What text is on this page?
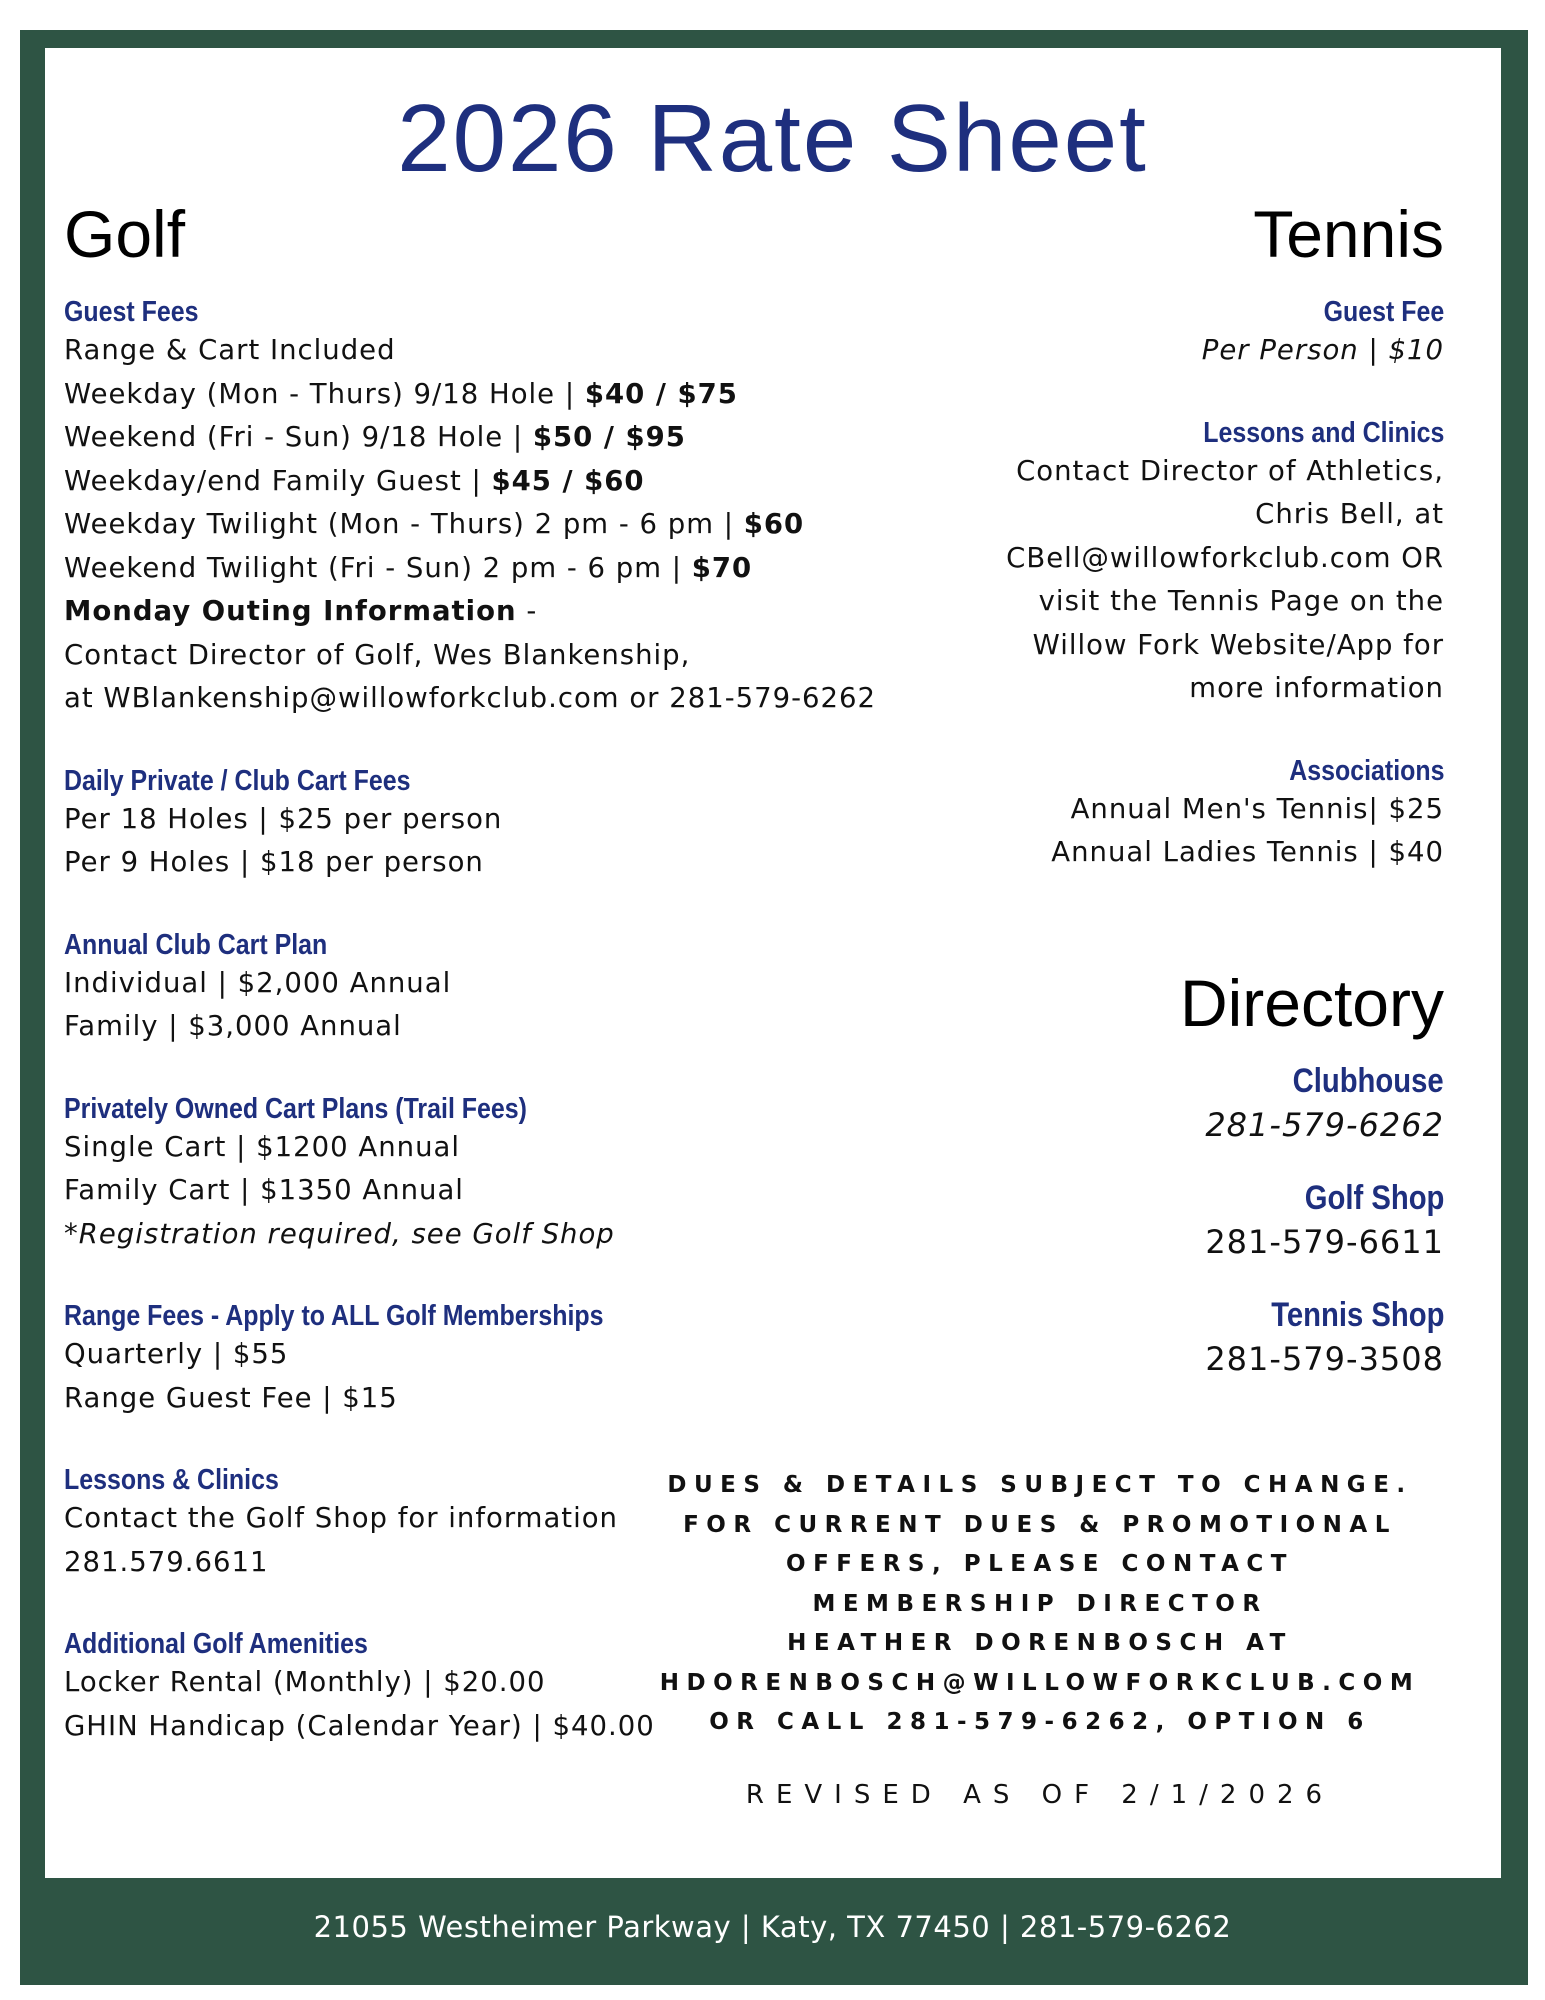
2026 Rate Sheet
Golf	Tennis
Guest Fees
Range & Cart Included
Weekday (Mon - Thurs) 9/18 Hole | $40 / $75
Weekend (Fri - Sun) 9/18 Hole | $50 / $95
Weekday/end Family Guest | $45 / $60
Weekday Twilight (Mon - Thurs) 2 pm - 6 pm | $60
Weekend Twilight (Fri - Sun) 2 pm - 6 pm | $70
Monday Outing Information -
Contact Director of Golf, Wes Blankenship,
at WBlankenship@willowforkclub.com or 281-579-6262
Daily Private / Club Cart Fees
Per 18 Holes | $25 per person
Per 9 Holes | $18 per person
Annual Club Cart Plan
Individual | $2,000 Annual
Family | $3,000 Annual
Privately Owned Cart Plans (Trail Fees)
Single Cart | $1200 Annual
Family Cart | $1350 Annual
*Registration required, see Golf Shop
Range Fees - Apply to ALL Golf Memberships
Quarterly | $55
Range Guest Fee | $15
Lessons & Clinics
Contact the Golf Shop for information
281.579.6611
Additional Golf Amenities
Locker Rental (Monthly) | $20.00
GHIN Handicap (Calendar Year) | $40.00
Guest Fee
Per Person | $10
Lessons and Clinics
Contact Director of Athletics,
Chris Bell, at
CBell@willowforkclub.com OR
visit the Tennis Page on the
Willow Fork Website/App for
more information
Associations
Annual Men's Tennis| $25
Annual Ladies Tennis | $40
Directory
Clubhouse
281-579-6262
Golf Shop
281-579-6611
Tennis Shop
281-579-3508
DUES & DETAILS SUBJECT TO CHANGE.
FOR CURRENT DUES & PROMOTIONAL
OFFERS, PLEASE CONTACT
MEMBERSHIP DIRECTOR
HEATHER DORENBOSCH AT
HDORENBOSCH@WILLOWFORKCLUB.COM
OR CALL 281-579-6262, OPTION 6
REVISED AS OF 2/1/2026
21055 Westheimer Parkway | Katy, TX 77450 | 281-579-6262
